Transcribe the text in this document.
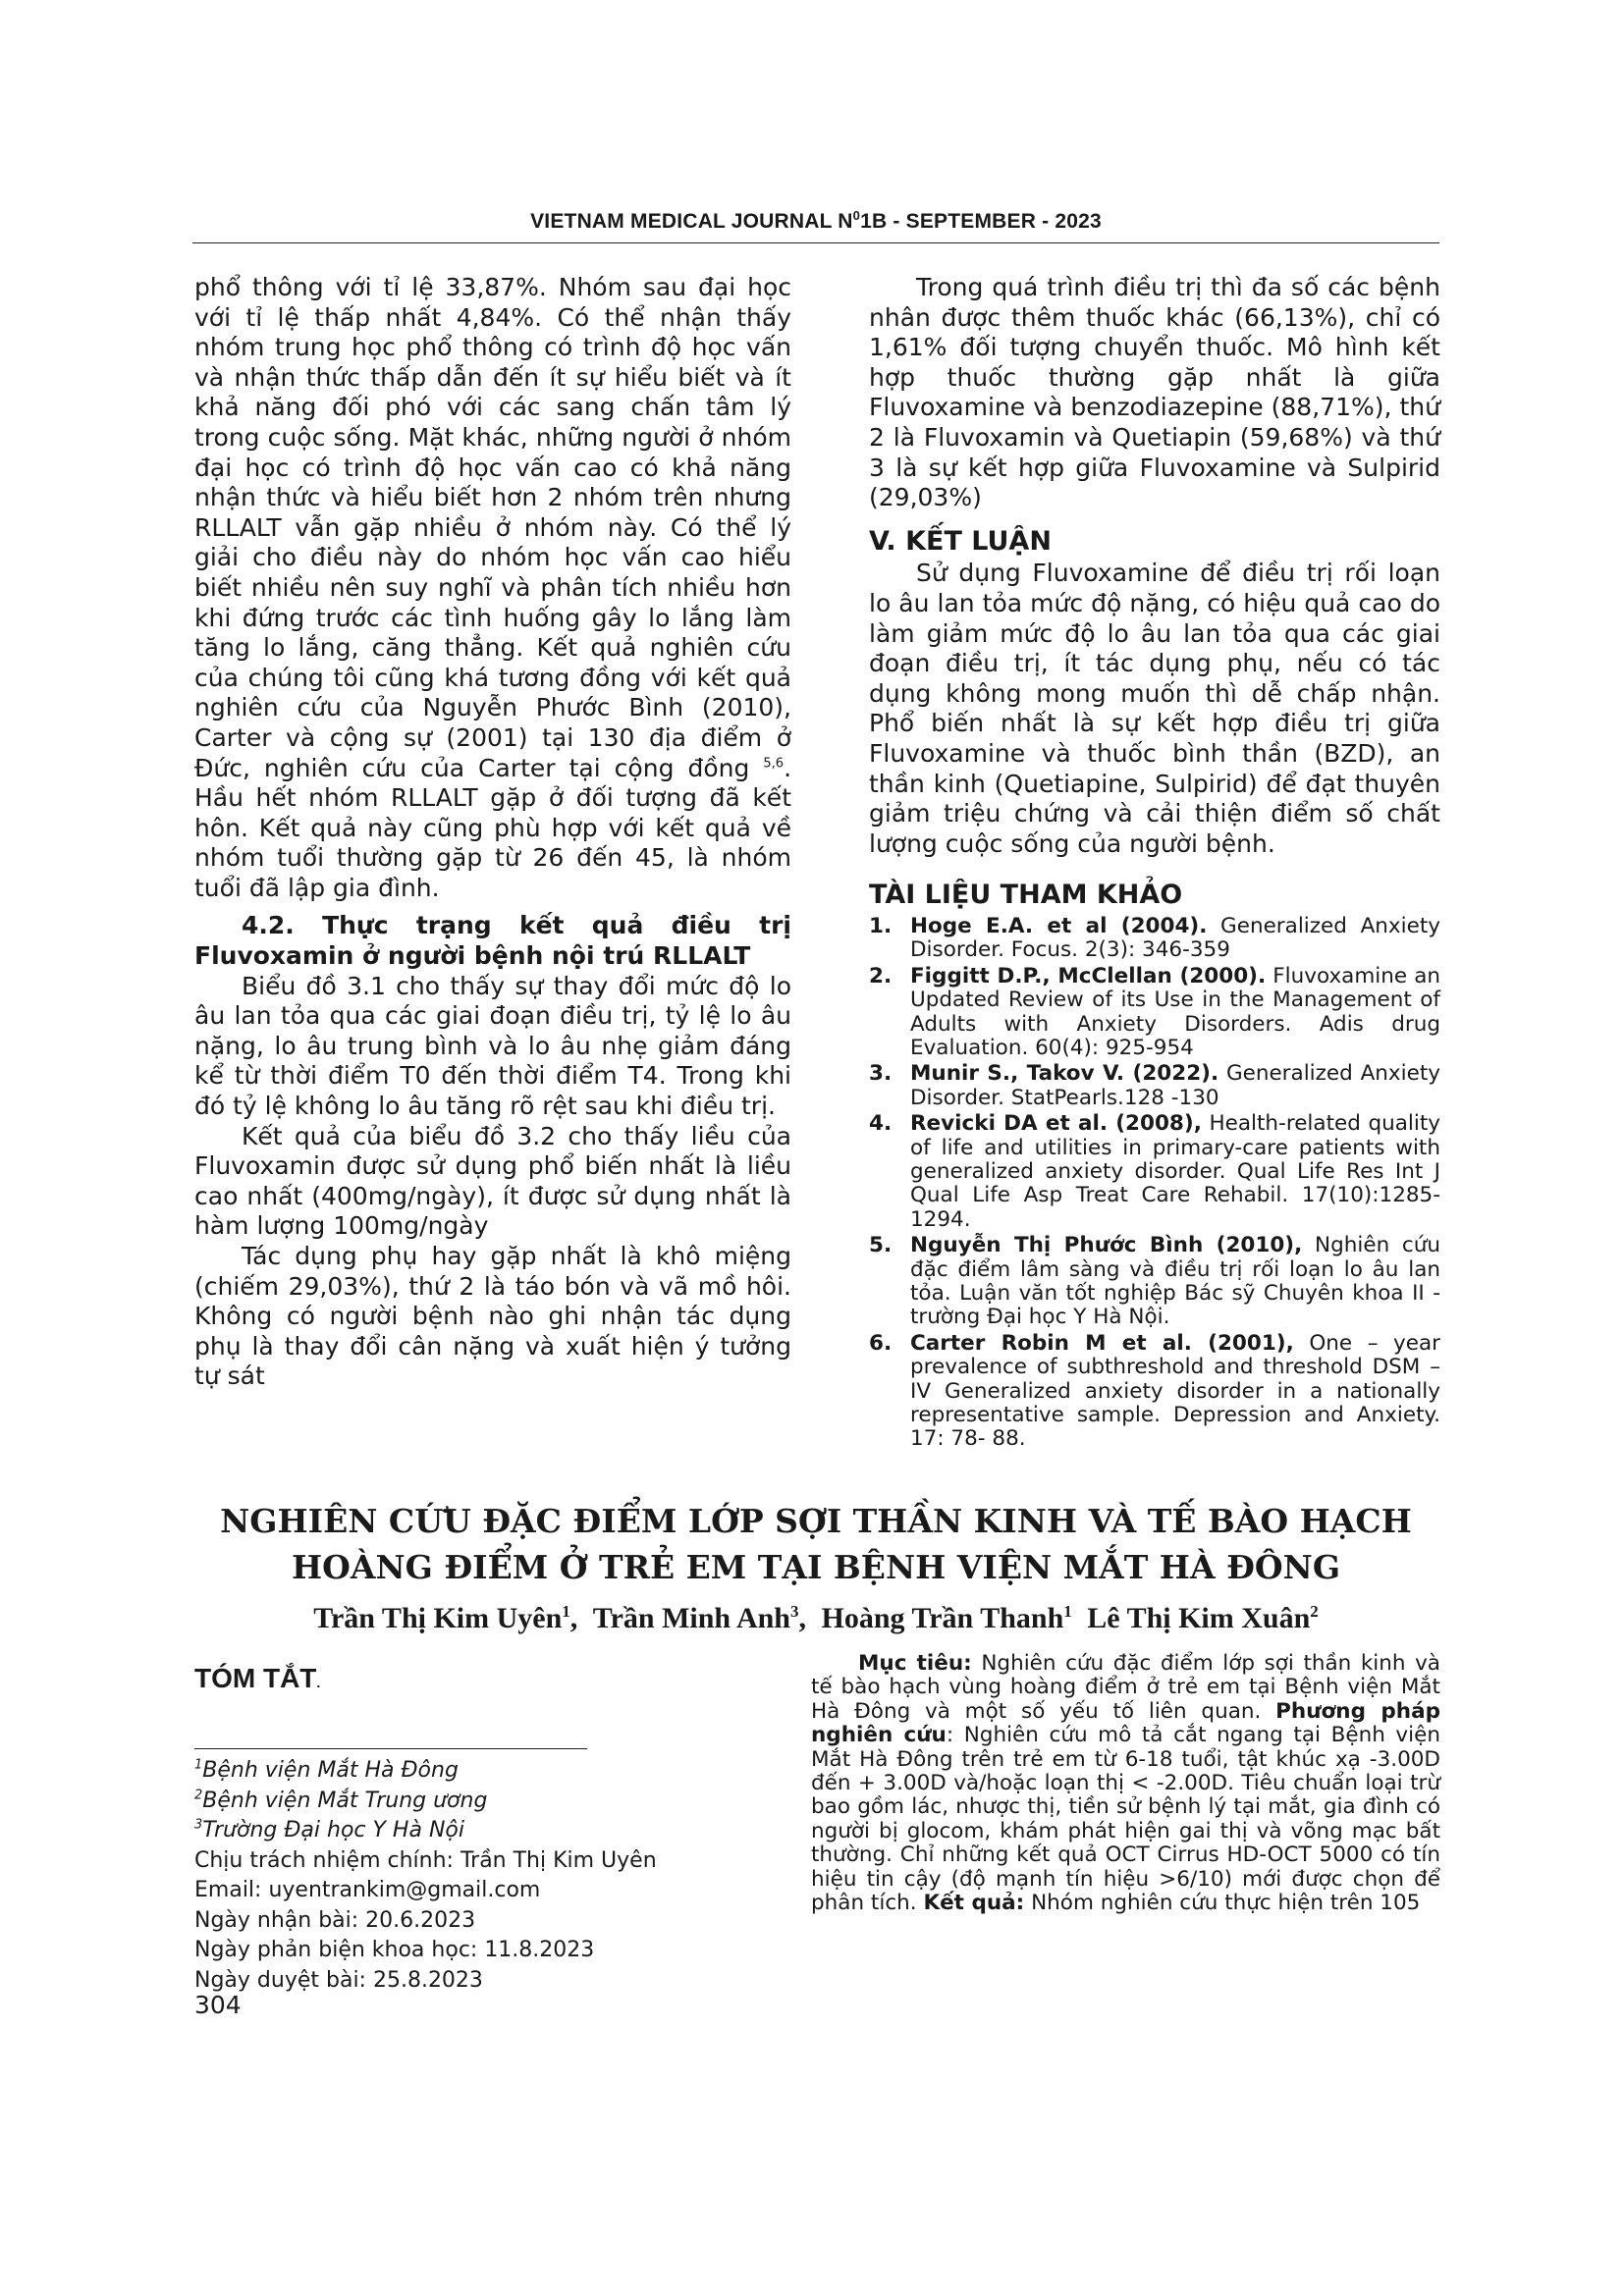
VIETNAM MEDICAL JOURNAL $N^01B$ - SEPTEMBER - 2023

phổ thông với tỉ lệ 33,87%. Nhóm sau đại học với tỉ lệ thấp nhất 4,84%. Có thể nhận thấy nhóm trung học phổ thông có trình độ học vấn và nhận thức thấp dẫn đến ít sự hiểu biết và ít khả năng đối phó với các sang chấn tâm lý trong cuộc sống. Mặt khác, những người ở nhóm đại học có trình độ học vấn cao có khả năng nhận thức và hiểu biết hơn 2 nhóm trên nhưng RLLALT vẫn gặp nhiều ở nhóm này. Có thể lý giải cho điều này do nhóm học vấn cao hiểu biết nhiều nên suy nghĩ và phân tích nhiều hơn khi đứng trước các tình huống gây lo lắng làm tăng lo lắng, căng thẳng. Kết quả nghiên cứu của chúng tôi cũng khá tương đồng với kết quả nghiên cứu của Nguyễn Phước Bình (2010), Carter và cộng sự (2001) tại 130 địa điểm ở Đức, nghiên cứu của Carter tại cộng đồng $^{5,6}$. Hầu hết nhóm RLLALT gặp ở đối tượng đã kết hôn. Kết quả này cũng phù hợp với kết quả về nhóm tuổi thường gặp từ 26 đến 45, là nhóm tuổi đã lập gia đình.

4.2. Thực trạng kết quả điều trị Fluvoxamin ở người bệnh nội trú RLLALT

Biểu đồ 3.1 cho thấy sự thay đổi mức độ lo âu lan tỏa qua các giai đoạn điều trị, tỷ lệ lo âu nặng, lo âu trung bình và lo âu nhẹ giảm đáng kể từ thời điểm T0 đến thời điểm T4. Trong khi đó tỷ lệ không lo âu tăng rõ rệt sau khi điều trị.

Kết quả của biểu đồ 3.2 cho thấy liều của Fluvoxamin được sử dụng phổ biến nhất là liều cao nhất (400mg/ngày), ít được sử dụng nhất là hàm lượng 100mg/ngày

Tác dụng phụ hay gặp nhất là khô miệng (chiếm 29,03%), thứ 2 là táo bón và vã mồ hôi. Không có người bệnh nào ghi nhận tác dụng phụ là thay đổi cân nặng và xuất hiện ý tưởng tự sát

Trong quá trình điều trị thì đa số các bệnh nhân được thêm thuốc khác (66,13%), chỉ có 1,61% đối tượng chuyển thuốc. Mô hình kết hợp thuốc thường gặp nhất là giữa Fluvoxamine và benzodiazepine (88,71%), thứ 2 là Fluvoxamin và Quetiapin (59,68%) và thứ 3 là sự kết hợp giữa Fluvoxamine và Sulpirid (29,03%)

V. KẾT LUẬN

Sử dụng Fluvoxamine để điều trị rối loạn lo âu lan tỏa mức độ nặng, có hiệu quả cao do làm giảm mức độ lo âu lan tỏa qua các giai đoạn điều trị, ít tác dụng phụ, nếu có tác dụng không mong muốn thì dễ chấp nhận. Phổ biến nhất là sự kết hợp điều trị giữa Fluvoxamine và thuốc bình thần (BZD), an thần kinh (Quetiapine, Sulpirid) để đạt thuyên giảm triệu chứng và cải thiện điểm số chất lượng cuộc sống của người bệnh.

TÀI LIỆU THAM KHẢO

1. Hoge E.A. et al (2004). Generalized Anxiety Disorder. Focus. 2(3): 346-359
2. Figgitt D.P., McClellan (2000). Fluvoxamine an Updated Review of its Use in the Management of Adults with Anxiety Disorders. Adis drug Evaluation. 60(4): 925-954
3. Munir S., Takov V. (2022). Generalized Anxiety Disorder. StatPearls.128 -130
4. Revicki DA et al. (2008), Health-related quality of life and utilities in primary-care patients with generalized anxiety disorder. Qual Life Res Int J Qual Life Asp Treat Care Rehabil. 17(10):1285-1294.
5. Nguyễn Thị Phước Bình (2010), Nghiên cứu đặc điểm lâm sàng và điều trị rối loạn lo âu lan tỏa. Luận văn tốt nghiệp Bác sỹ Chuyên khoa II - trường Đại học Y Hà Nội.
6. Carter Robin M et al. (2001), One – year prevalence of subthreshold and threshold DSM – IV Generalized anxiety disorder in a nationally representative sample. Depression and Anxiety. 17: 78- 88.
NGHIÊN CỨU ĐẶC ĐIỂM LỚP SỢI THẦN KINH VÀ TẾ BÀO HẠCH
HOÀNG ĐIỂM Ở TRẺ EM TẠI BỆNH VIỆN MẮT HÀ ĐÔNG
Trần Thị Kim Uyên$^1$, Trần Minh Anh$^3$, Hoàng Trần Thanh$^1$ Lê Thị Kim Xuân$^2$
TÓM TẮT.
$^1$Bệnh viện Mắt Hà Đông
$^2$Bệnh viện Mắt Trung ương
$^3$Trường Đại học Y Hà Nội
Chịu trách nhiệm chính: Trần Thị Kim Uyên
Email: uyentrankim@gmail.com
Ngày nhận bài: 20.6.2023
Ngày phản biện khoa học: 11.8.2023
Ngày duyệt bài: 25.8.2023
Mục tiêu: Nghiên cứu đặc điểm lớp sợi thần kinh và tế bào hạch vùng hoàng điểm ở trẻ em tại Bệnh viện Mắt Hà Đông và một số yếu tố liên quan. Phương pháp nghiên cứu: Nghiên cứu mô tả cắt ngang tại Bệnh viện Mắt Hà Đông trên trẻ em từ 6-18 tuổi, tật khúc xạ -3.00D đến + 3.00D và/hoặc loạn thị < -2.00D. Tiêu chuẩn loại trừ bao gồm lác, nhược thị, tiền sử bệnh lý tại mắt, gia đình có người bị glocom, khám phát hiện gai thị và võng mạc bất thường. Chỉ những kết quả OCT Cirrus HD-OCT 5000 có tín hiệu tin cậy (độ mạnh tín hiệu >6/10) mới được chọn để phân tích. Kết quả: Nhóm nghiên cứu thực hiện trên 105
304
